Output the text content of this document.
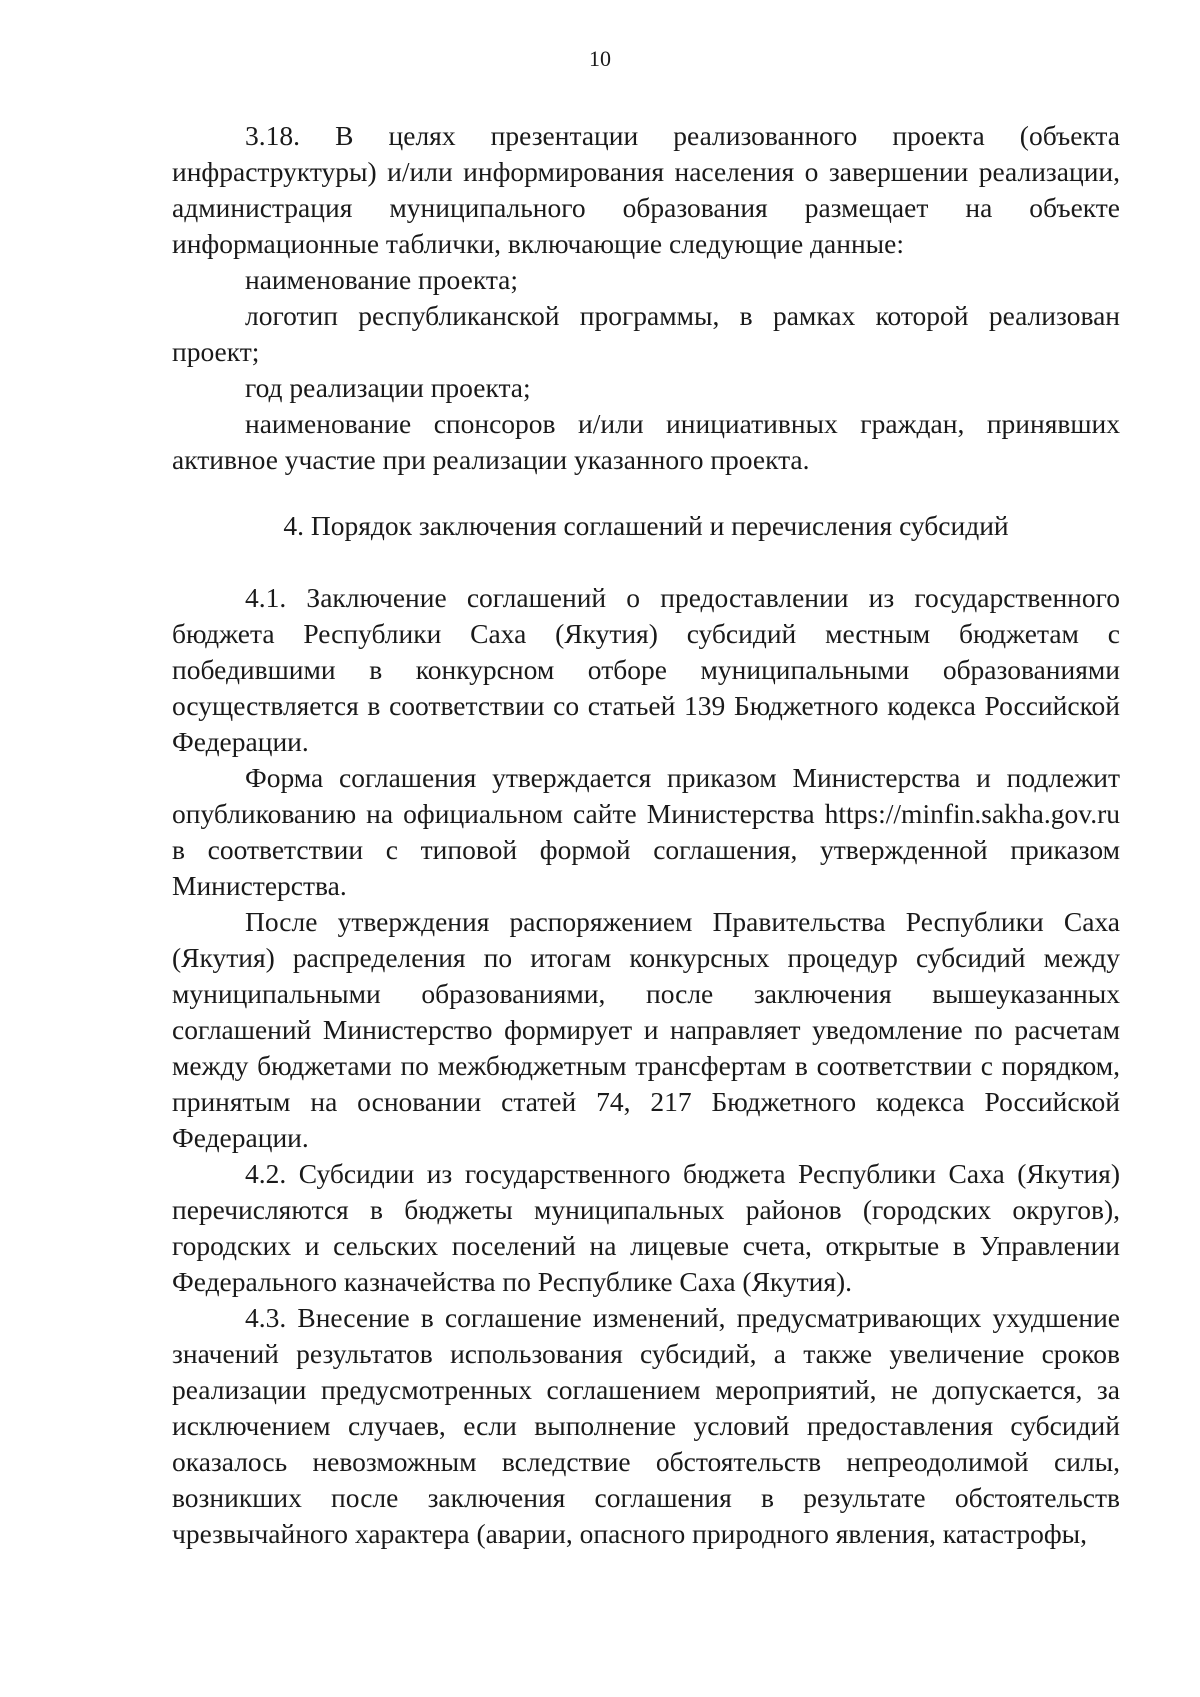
10

3.18. В целях презентации реализованного проекта (объекта инфраструктуры) и/или информирования населения о завершении реализации, администрация муниципального образования размещает на объекте информационные таблички, включающие следующие данные:

наименование проекта;

логотип республиканской программы, в рамках которой реализован проект;

год реализации проекта;

наименование спонсоров и/или инициативных граждан, принявших активное участие при реализации указанного проекта.

4. Порядок заключения соглашений и перечисления субсидий

4.1. Заключение соглашений о предоставлении из государственного бюджета Республики Саха (Якутия) субсидий местным бюджетам с победившими в конкурсном отборе муниципальными образованиями осуществляется в соответствии со статьей 139 Бюджетного кодекса Российской Федерации.

Форма соглашения утверждается приказом Министерства и подлежит опубликованию на официальном сайте Министерства https://minfin.sakha.gov.ru в соответствии с типовой формой соглашения, утвержденной приказом Министерства.

После утверждения распоряжением Правительства Республики Саха (Якутия) распределения по итогам конкурсных процедур субсидий между муниципальными образованиями, после заключения вышеуказанных соглашений Министерство формирует и направляет уведомление по расчетам между бюджетами по межбюджетным трансфертам в соответствии с порядком, принятым на основании статей 74, 217 Бюджетного кодекса Российской Федерации.

4.2. Субсидии из государственного бюджета Республики Саха (Якутия) перечисляются в бюджеты муниципальных районов (городских округов), городских и сельских поселений на лицевые счета, открытые в Управлении Федерального казначейства по Республике Саха (Якутия).

4.3. Внесение в соглашение изменений, предусматривающих ухудшение значений результатов использования субсидий, а также увеличение сроков реализации предусмотренных соглашением мероприятий, не допускается, за исключением случаев, если выполнение условий предоставления субсидий оказалось невозможным вследствие обстоятельств непреодолимой силы, возникших после заключения соглашения в результате обстоятельств чрезвычайного характера (аварии, опасного природного явления, катастрофы,
